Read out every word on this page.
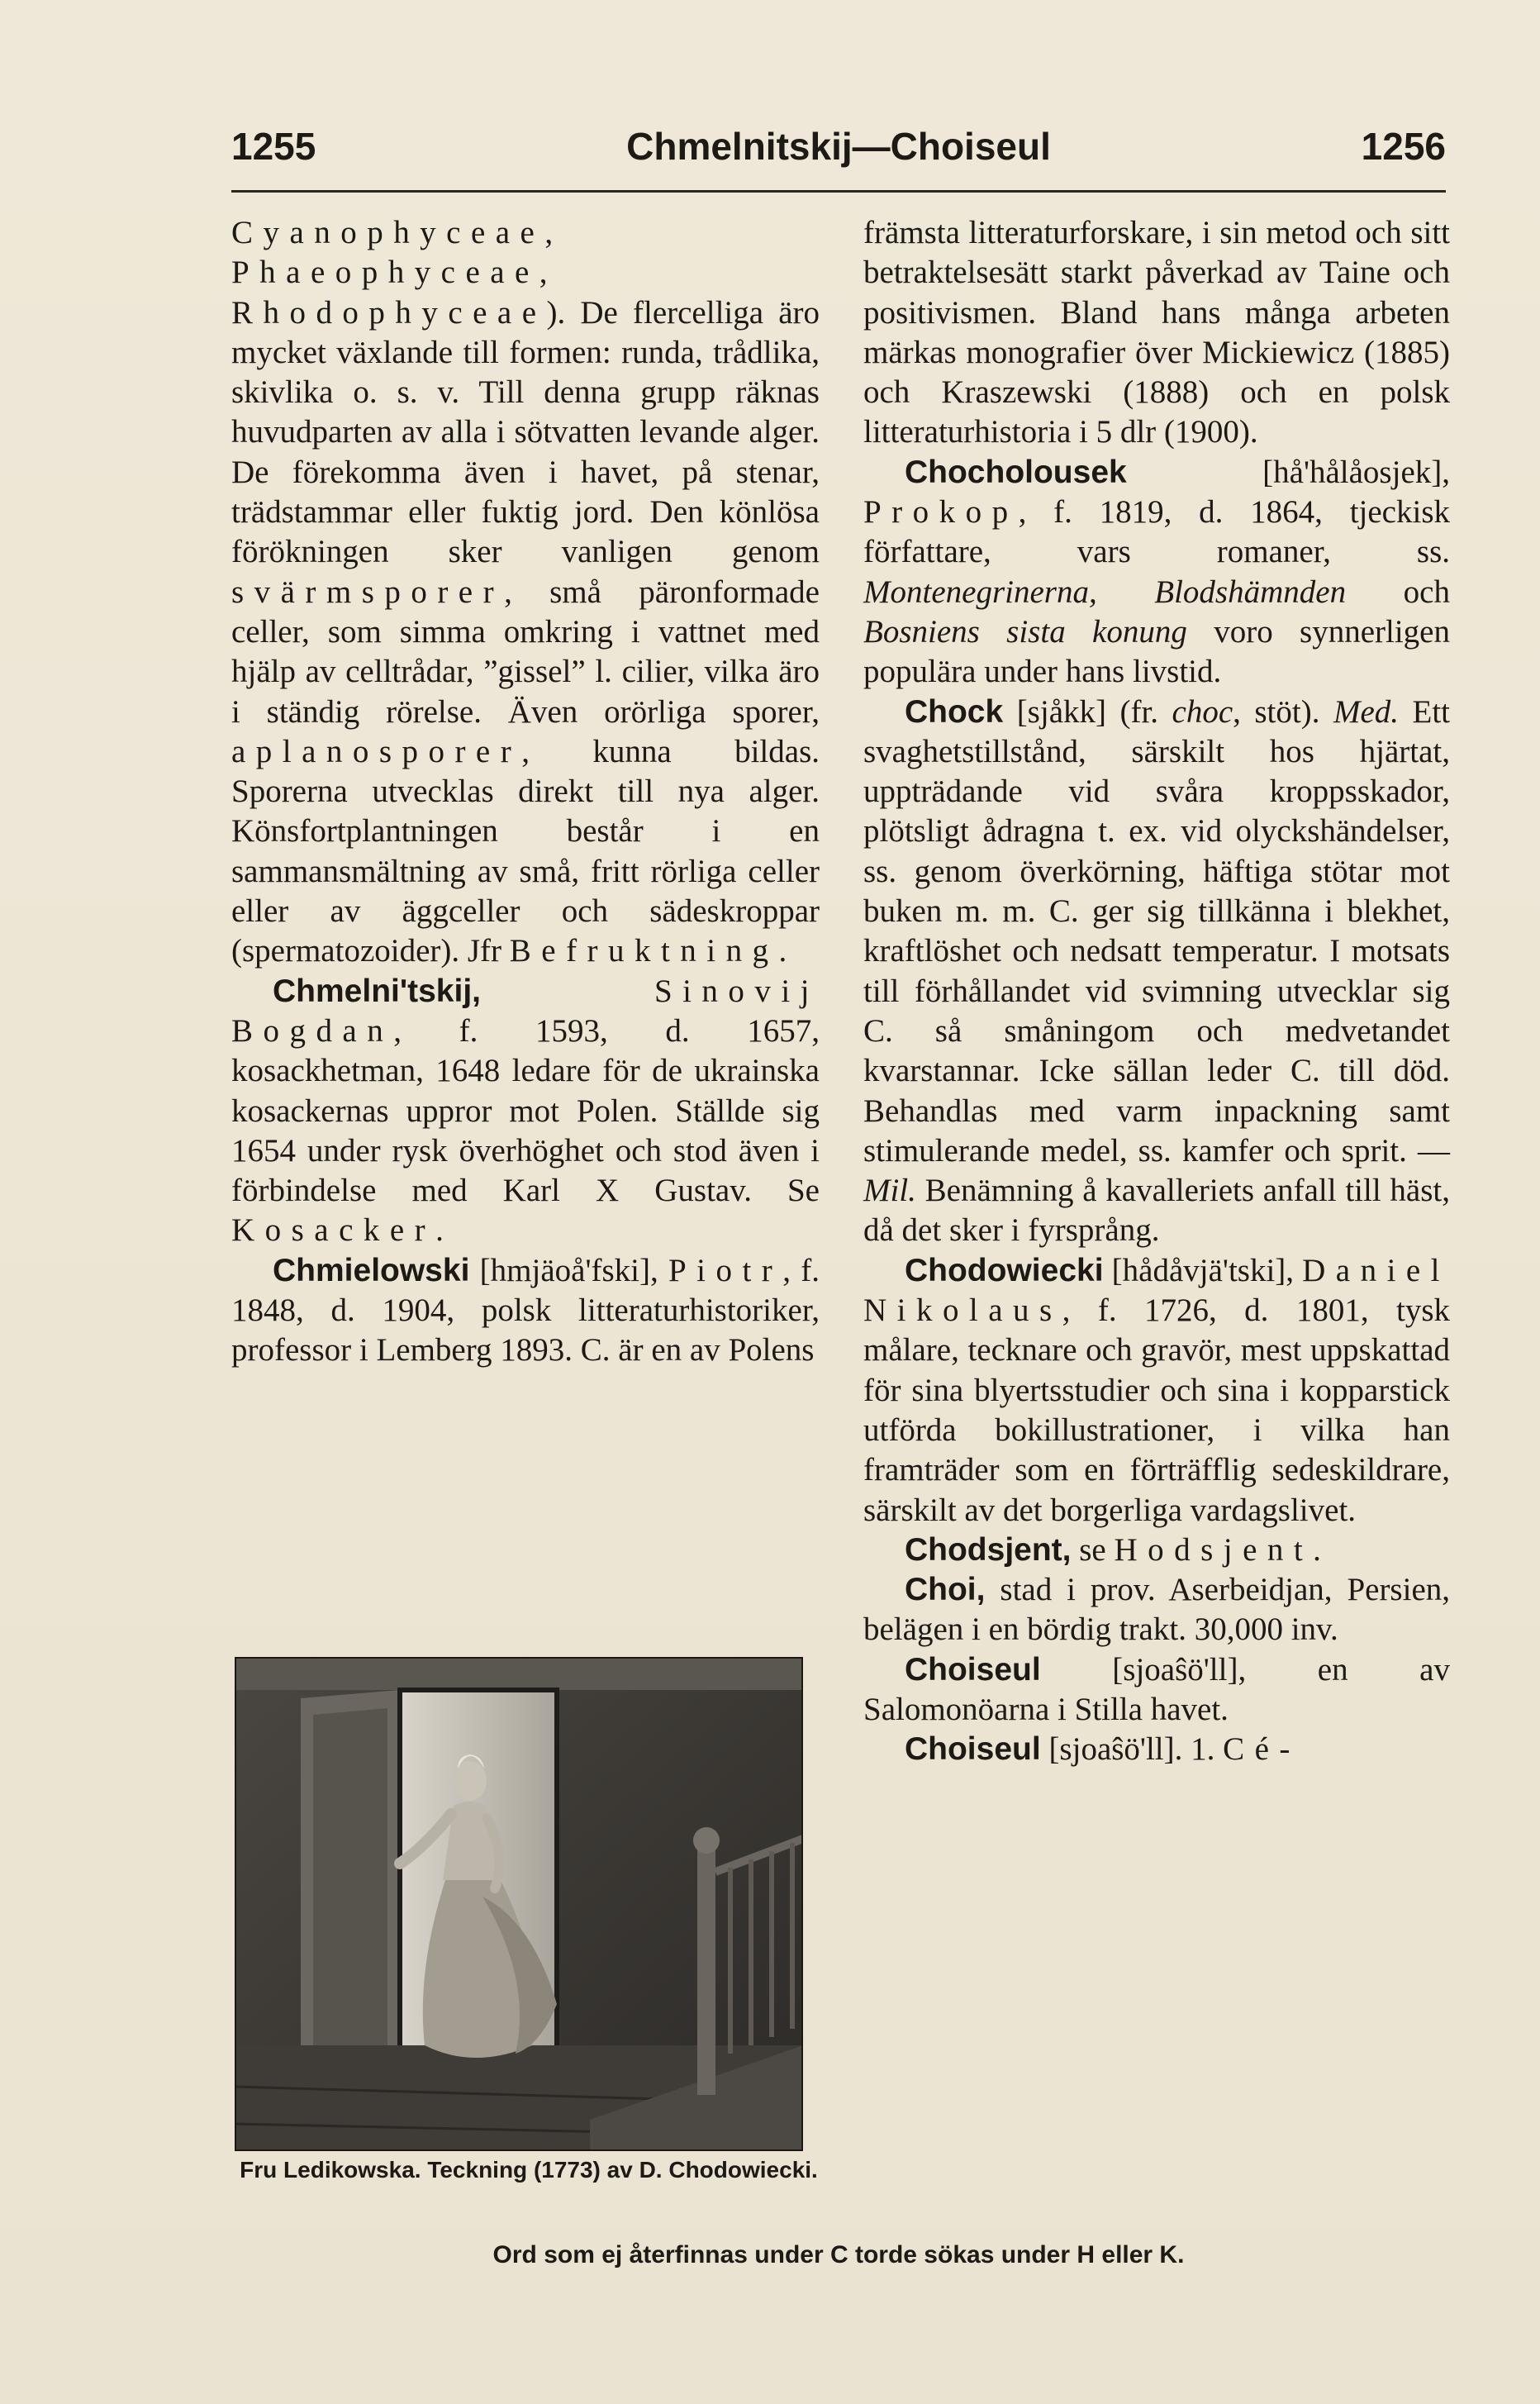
1255	Chmelnitskij—Choiseul	1256

Cyanophyceae, Phaeophyceae, Rhodophyceae). De flercelliga äro mycket växlande till formen: runda, trådlika, skivlika o. s. v. Till denna grupp räknas huvudparten av alla i sötvatten levande alger. De förekomma även i havet, på stenar, trädstammar eller fuktig jord. Den könlösa förökningen sker vanligen genom svärmsporer, små päronformade celler, som simma omkring i vattnet med hjälp av celltrådar, ”gissel” l. cilier, vilka äro i ständig rörelse. Även orörliga sporer, aplanosporer, kunna bildas. Sporerna utvecklas direkt till nya alger. Könsfortplantningen består i en sammansmältning av små, fritt rörliga celler eller av äggceller och sädeskroppar (spermatozoider). Jfr Befruktning.

Chmelni'tskij,	Sinovij Bogdan, f. 1593, d. 1657, kosackhetman, 1648 ledare för de ukrainska kosackernas uppror mot Polen. Ställde sig 1654 under rysk överhöghet och stod även i förbindelse med Karl X Gustav. Se Kosacker.

Chmielowski [hmjäoå'fski], Piotr, f. 1848, d. 1904, polsk litteraturhistoriker, professor i Lemberg 1893. C. är en av Polens

Fru Ledikowska. Teckning (1773) av D. Chodowiecki.

främsta litteraturforskare, i sin metod och sitt betraktelsesätt starkt påverkad av Taine och positivismen. Bland hans många arbeten märkas monografier över Mickiewicz (1885) och Kraszewski (1888) och en polsk litteraturhistoria i 5 dlr (1900).

Chocholousek [hå'hålåosjek], Prokop, f. 1819, d. 1864, tjeckisk författare, vars romaner, ss. Montenegrinerna, Blodshämnden och Bosniens sista konung voro synnerligen populära under hans livstid.

Chock [sjåkk] (fr. choc, stöt). Med. Ett svaghetstillstånd, särskilt hos hjärtat, uppträdande vid svåra kroppsskador, plötsligt ådragna t. ex. vid olyckshändelser, ss. genom överkörning, häftiga stötar mot buken m. m. C. ger sig tillkänna i blekhet, kraftlöshet och nedsatt temperatur. I motsats till förhållandet vid svimning utvecklar sig C. så småningom och medvetandet kvarstannar. Icke sällan leder C. till död. Behandlas med varm inpackning samt stimulerande medel, ss. kamfer och sprit. — Mil. Benämning å kavalleriets anfall till häst, då det sker i fyrsprång.

Chodowiecki [hådåvjä'tski], Daniel Nikolaus, f. 1726, d. 1801, tysk målare, tecknare och gravör, mest uppskattad för sina blyertsstudier och sina i kopparstick utförda bokillustrationer, i vilka han framträder som en förträfflig sedeskildrare, särskilt av det borgerliga vardagslivet.

Chodsjent, se Hodsjent.

Choi, stad i prov. Aserbeidjan, Persien, belägen i en bördig trakt. 30,000 inv.

Choiseul [sjoaŝö'll], en av Salomonöarna i Stilla havet.

Choiseul [sjoaŝö'll]. 1. Cé-

Ord som ej återfinnas under C torde sökas under H eller K.
